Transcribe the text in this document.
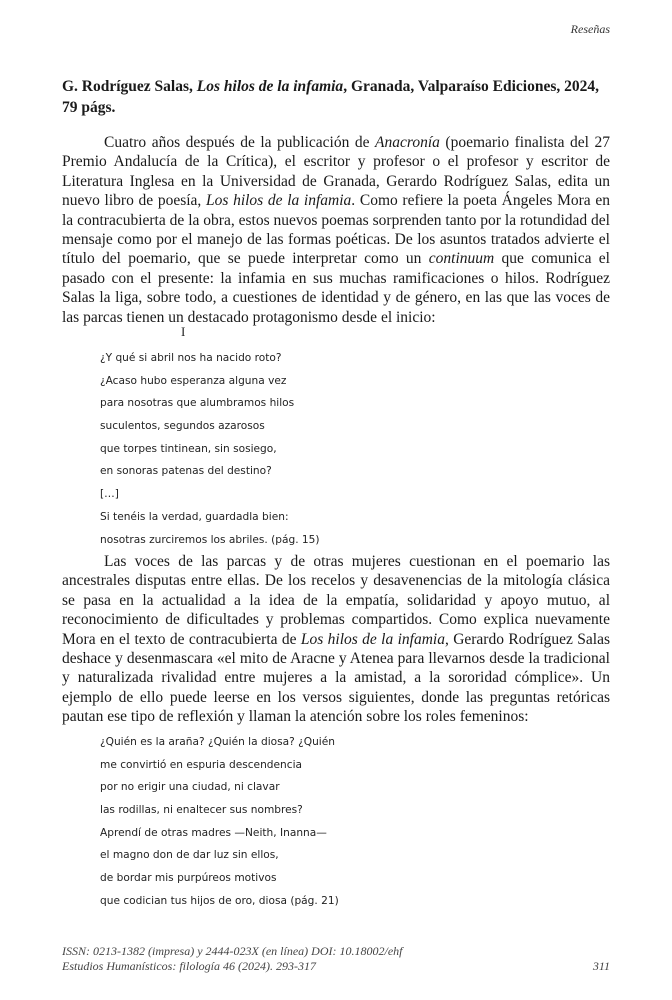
Reseñas
G. Rodríguez Salas, Los hilos de la infamia, Granada, Valparaíso Ediciones, 2024, 79 págs.

Cuatro años después de la publicación de Anacronía (poemario finalista del 27 Premio Andalucía de la Crítica), el escritor y profesor o el profesor y escritor de Literatura Inglesa en la Universidad de Granada, Gerardo Rodríguez Salas, edita un nuevo libro de poesía, Los hilos de la infamia. Como refiere la poeta Ángeles Mora en la contracubierta de la obra, estos nuevos poemas sorprenden tanto por la rotundidad del mensaje como por el manejo de las formas poéticas. De los asuntos tratados advierte el título del poemario, que se puede interpretar como un continuum que comunica el pasado con el presente: la infamia en sus muchas ramificaciones o hilos. Rodríguez Salas la liga, sobre todo, a cuestiones de identidad y de género, en las que las voces de las parcas tienen un destacado protagonismo desde el inicio:

I
¿Y qué si abril nos ha nacido roto?
¿Acaso hubo esperanza alguna vez
para nosotras que alumbramos hilos
suculentos, segundos azarosos
que torpes tintinean, sin sosiego,
en sonoras patenas del destino?
[…]
Si tenéis la verdad, guardadla bien:
nosotras zurciremos los abriles. (pág. 15)

Las voces de las parcas y de otras mujeres cuestionan en el poemario las ancestrales disputas entre ellas. De los recelos y desavenencias de la mitología clásica se pasa en la actualidad a la idea de la empatía, solidaridad y apoyo mutuo, al reconocimiento de dificultades y problemas compartidos. Como explica nuevamente Mora en el texto de contracubierta de Los hilos de la infamia, Gerardo Rodríguez Salas deshace y desenmascara «el mito de Aracne y Atenea para llevarnos desde la tradicional y naturalizada rivalidad entre mujeres a la amistad, a la sororidad cómplice». Un ejemplo de ello puede leerse en los versos siguientes, donde las preguntas retóricas pautan ese tipo de reflexión y llaman la atención sobre los roles femeninos:

¿Quién es la araña? ¿Quién la diosa? ¿Quién
me convirtió en espuria descendencia
por no erigir una ciudad, ni clavar
las rodillas, ni enaltecer sus nombres?
Aprendí de otras madres —Neith, Inanna—
el magno don de dar luz sin ellos,
de bordar mis purpúreos motivos
que codician tus hijos de oro, diosa (pág. 21)
ISSN: 0213-1382 (impresa) y 2444-023X (en línea) DOI: 10.18002/ehf
Estudios Humanísticos: filología 46 (2024). 293-317	311
